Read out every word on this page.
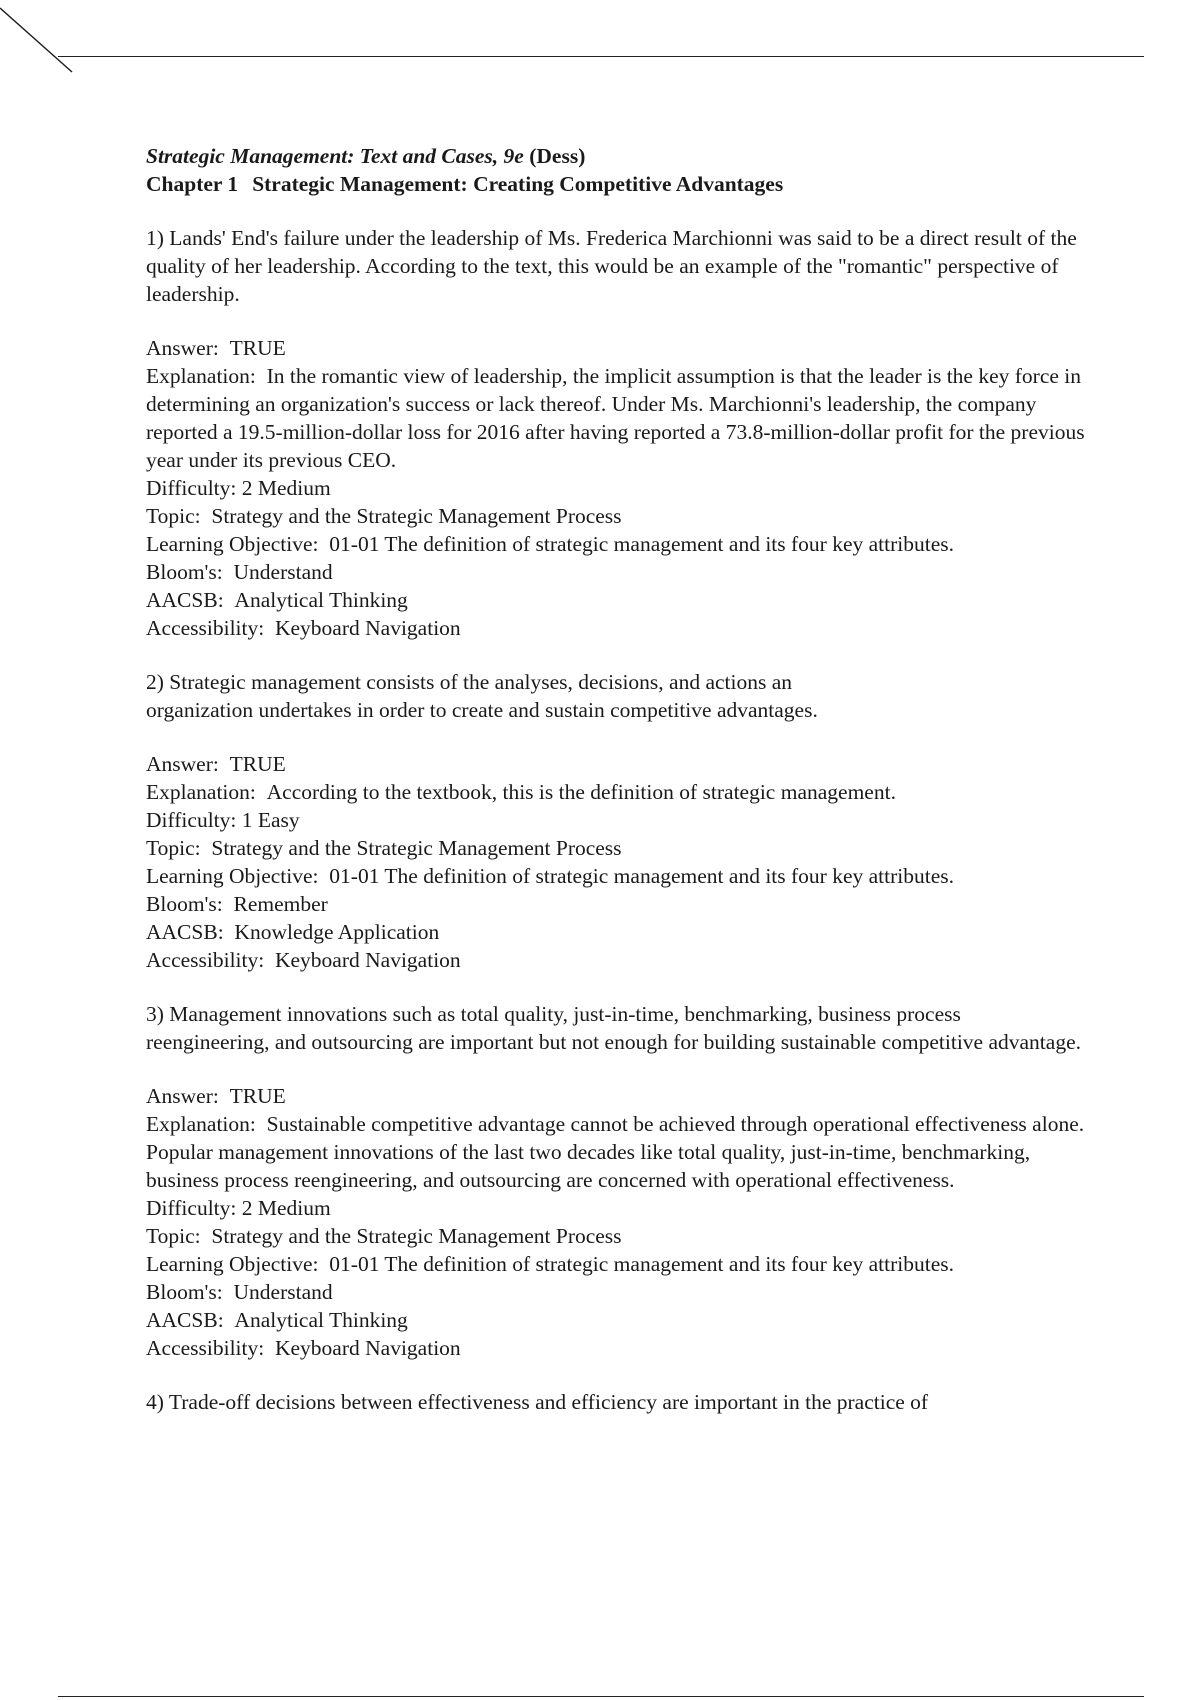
Strategic Management: Text and Cases, 9e (Dess)

Chapter 1 Strategic Management: Creating Competitive Advantages

1) Lands' End's failure under the leadership of Ms. Frederica Marchionni was said to be a direct result of the quality of her leadership. According to the text, this would be an example of the "romantic" perspective of leadership.

Answer: TRUE

Explanation: In the romantic view of leadership, the implicit assumption is that the leader is the key force in determining an organization's success or lack thereof. Under Ms. Marchionni's leadership, the company reported a 19.5-million-dollar loss for 2016 after having reported a 73.8-million-dollar profit for the previous year under its previous CEO.

Difficulty: 2 Medium

Topic: Strategy and the Strategic Management Process

Learning Objective: 01-01 The definition of strategic management and its four key attributes.

Bloom's: Understand

AACSB: Analytical Thinking

Accessibility: Keyboard Navigation

2) Strategic management consists of the analyses, decisions, and actions an
organization undertakes in order to create and sustain competitive advantages.

Answer: TRUE

Explanation: According to the textbook, this is the definition of strategic management.

Difficulty: 1 Easy

Topic: Strategy and the Strategic Management Process

Learning Objective: 01-01 The definition of strategic management and its four key attributes.

Bloom's: Remember

AACSB: Knowledge Application

Accessibility: Keyboard Navigation

3) Management innovations such as total quality, just-in-time, benchmarking, business process reengineering, and outsourcing are important but not enough for building sustainable competitive advantage.

Answer: TRUE

Explanation: Sustainable competitive advantage cannot be achieved through operational effectiveness alone. Popular management innovations of the last two decades like total quality, just-in-time, benchmarking, business process reengineering, and outsourcing are concerned with operational effectiveness.

Difficulty: 2 Medium

Topic: Strategy and the Strategic Management Process

Learning Objective: 01-01 The definition of strategic management and its four key attributes.

Bloom's: Understand

AACSB: Analytical Thinking

Accessibility: Keyboard Navigation

4) Trade-off decisions between effectiveness and efficiency are important in the practice of
